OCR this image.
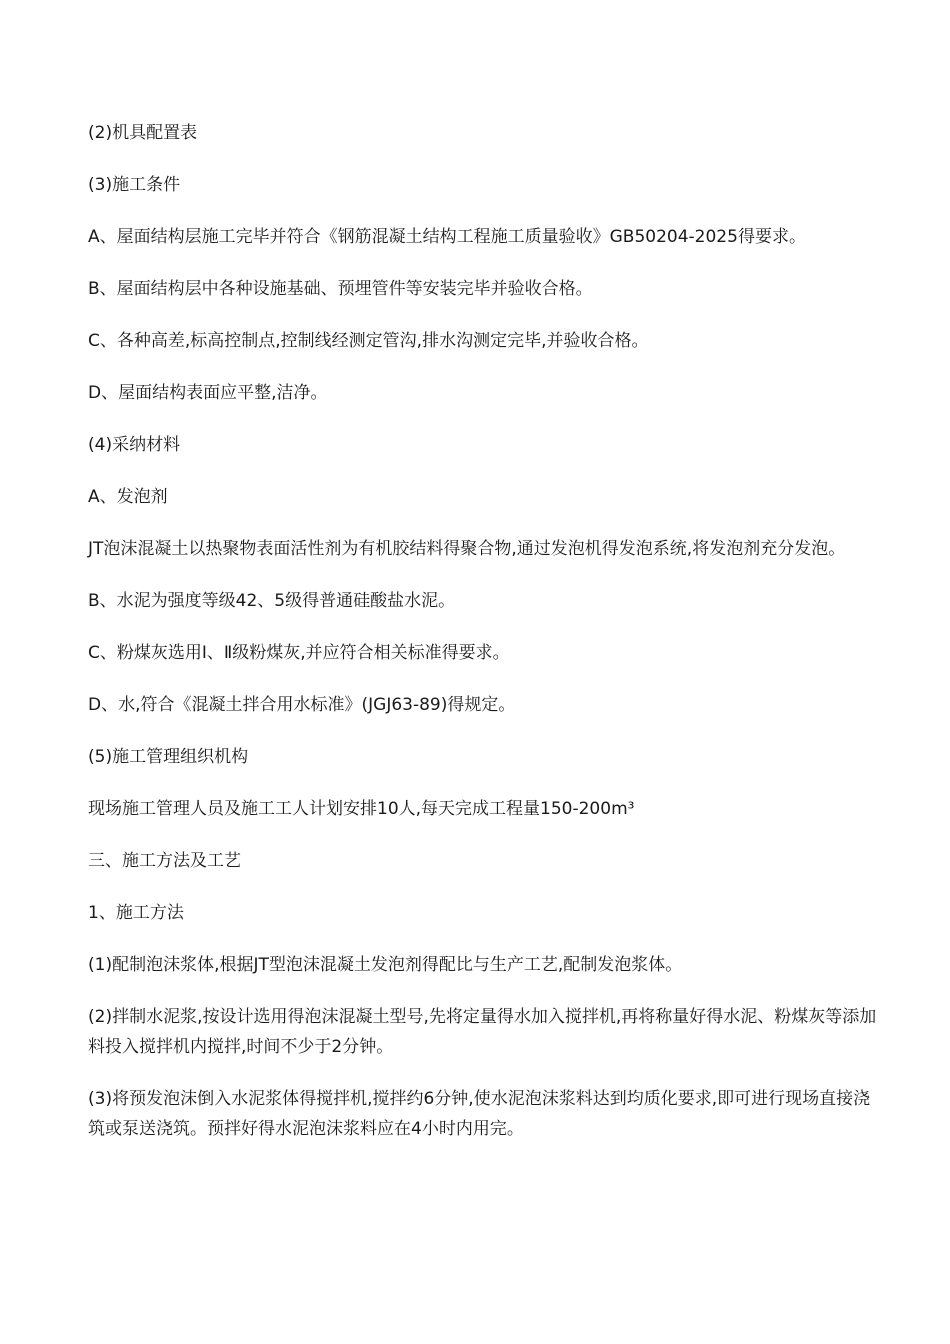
(2)机具配置表

(3)施工条件

A、屋面结构层施工完毕并符合《钢筋混凝土结构工程施工质量验收》GB50204-2025得要求。

B、屋面结构层中各种设施基础、预埋管件等安装完毕并验收合格。

C、各种高差,标高控制点,控制线经测定管沟,排水沟测定完毕,并验收合格。

D、屋面结构表面应平整,洁净。

(4)采纳材料

A、发泡剂

JT泡沫混凝土以热聚物表面活性剂为有机胶结料得聚合物,通过发泡机得发泡系统,将发泡剂充分发泡。

B、水泥为强度等级42、5级得普通硅酸盐水泥。

C、粉煤灰选用Ⅰ、Ⅱ级粉煤灰,并应符合相关标准得要求。

D、水,符合《混凝土拌合用水标准》(JGJ63-89)得规定。

(5)施工管理组织机构

现场施工管理人员及施工工人计划安排10人,每天完成工程量150-200m³

三、施工方法及工艺

1、施工方法

(1)配制泡沫浆体,根据JT型泡沫混凝土发泡剂得配比与生产工艺,配制发泡浆体。

(2)拌制水泥浆,按设计选用得泡沫混凝土型号,先将定量得水加入搅拌机,再将称量好得水泥、粉煤灰等添加料投入搅拌机内搅拌,时间不少于2分钟。

(3)将预发泡沫倒入水泥浆体得搅拌机,搅拌约6分钟,使水泥泡沫浆料达到均质化要求,即可进行现场直接浇筑或泵送浇筑。预拌好得水泥泡沫浆料应在4小时内用完。
